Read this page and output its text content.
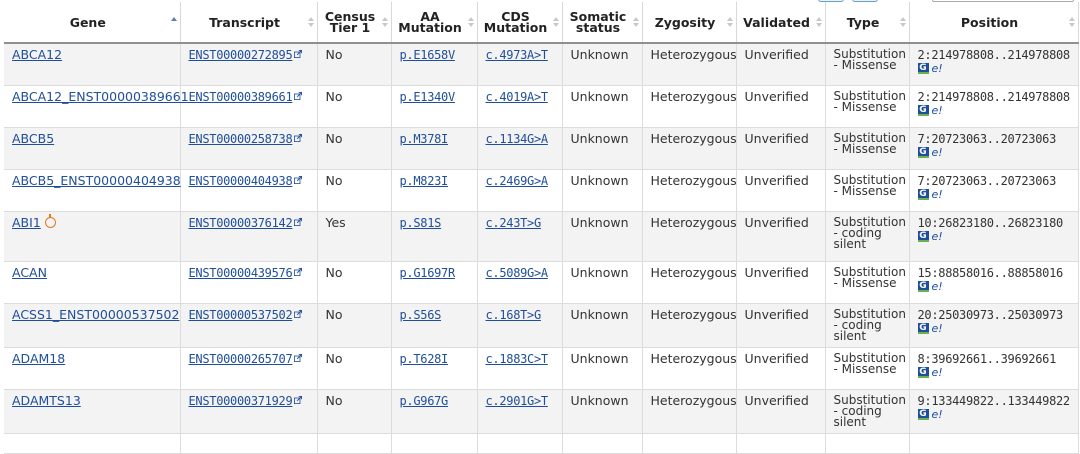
Gene	Transcript	Census Tier 1	AA Mutation	CDS Mutation	Somatic status	Zygosity	Validated	Type	Position

ABCA12	ENST00000272895	No	p.E1658V	c.4973A>T	Unknown	Heterozygous	Unverified	Substitution - Missense	2:214978808..214978808
G e!

ABCA12_ENST00000389661	ENST00000389661	No	p.E1340V	c.4019A>T	Unknown	Heterozygous	Unverified	Substitution - Missense	2:214978808..214978808
G e!

ABCB5	ENST00000258738	No	p.M378I	c.1134G>A	Unknown	Heterozygous	Unverified	Substitution - Missense	7:20723063..20723063
G e!

ABCB5_ENST00000404938	ENST00000404938	No	p.M823I	c.2469G>A	Unknown	Heterozygous	Unverified	Substitution - Missense	7:20723063..20723063
G e!

ABI1	ENST00000376142	Yes	p.S81S	c.243T>G	Unknown	Heterozygous	Unverified	Substitution - coding silent	10:26823180..26823180
G e!

ACAN	ENST00000439576	No	p.G1697R	c.5089G>A	Unknown	Heterozygous	Unverified	Substitution - Missense	15:88858016..88858016
G e!

ACSS1_ENST00000537502	ENST00000537502	No	p.S56S	c.168T>G	Unknown	Heterozygous	Unverified	Substitution - coding silent	20:25030973..25030973
G e!

ADAM18	ENST00000265707	No	p.T628I	c.1883C>T	Unknown	Heterozygous	Unverified	Substitution - Missense	8:39692661..39692661
G e!

ADAMTS13	ENST00000371929	No	p.G967G	c.2901G>T	Unknown	Heterozygous	Unverified	Substitution - coding silent	9:133449822..133449822
G e!
